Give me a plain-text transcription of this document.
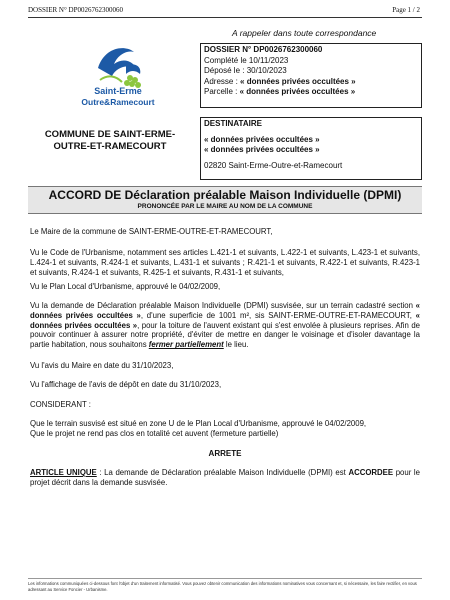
DOSSIER N° DP0026762300060	Page 1 / 2
A rappeler dans toute correspondance
Saint-Erme
Outre&Ramecourt
DOSSIER N° DP0026762300060
Complété le 10/11/2023
Déposé le : 30/10/2023
Adresse : « données privées occultées »
Parcelle : « données privées occultées »
DESTINATAIRE
« données privées occultées »
« données privées occultées »
02820 Saint-Erme-Outre-et-Ramecourt
COMMUNE DE SAINT-ERME-OUTRE-ET-RAMECOURT
ACCORD DE Déclaration préalable Maison Individuelle (DPMI)
PRONONCÉE PAR LE MAIRE AU NOM DE LA COMMUNE
Le Maire de la commune de SAINT-ERME-OUTRE-ET-RAMECOURT,
Vu le Code de l'Urbanisme, notamment ses articles L.421-1 et suivants, L.422-1 et suivants, L.423-1 et suivants, L.424-1 et suivants, R.424-1 et suivants, L.431-1 et suivants ; R.421-1 et suivants, R.422-1 et suivants, R.423-1 et suivants, R.424-1 et suivants, R.425-1 et suivants, R.431-1 et suivants,
Vu le Plan Local d'Urbanisme, approuvé le 04/02/2009,
Vu la demande de Déclaration préalable Maison Individuelle (DPMI) susvisée, sur un terrain cadastré section « données privées occultées », d'une superficie de 1001 m², sis SAINT-ERME-OUTRE-ET-RAMECOURT, « données privées occultées », pour la toiture de l'auvent existant qui s'est envolée à plusieurs reprises. Afin de pouvoir continuer à assurer notre propriété, d'éviter de mettre en danger le voisinage et d'isoler davantage la partie habitation, nous souhaitons fermer partiellement le lieu.
Vu l'avis du Maire en date du 31/10/2023,
Vu l'affichage de l'avis de dépôt en date du 31/10/2023,
CONSIDERANT :
Que le terrain susvisé est situé en zone U de le Plan Local d'Urbanisme, approuvé le 04/02/2009,
Que le projet ne rend pas clos en totalité cet auvent (fermeture partielle)
ARRETE
ARTICLE UNIQUE : La demande de Déclaration préalable Maison Individuelle (DPMI) est ACCORDEE pour le projet décrit dans la demande susvisée.
Les informations communiquées ci-dessous font l'objet d'un traitement informatisé. Vous pouvez obtenir communication des informations nominatives vous concernant et, si nécessaire, les faire rectifier, en vous adressant au Service Foncier - Urbanisme.
